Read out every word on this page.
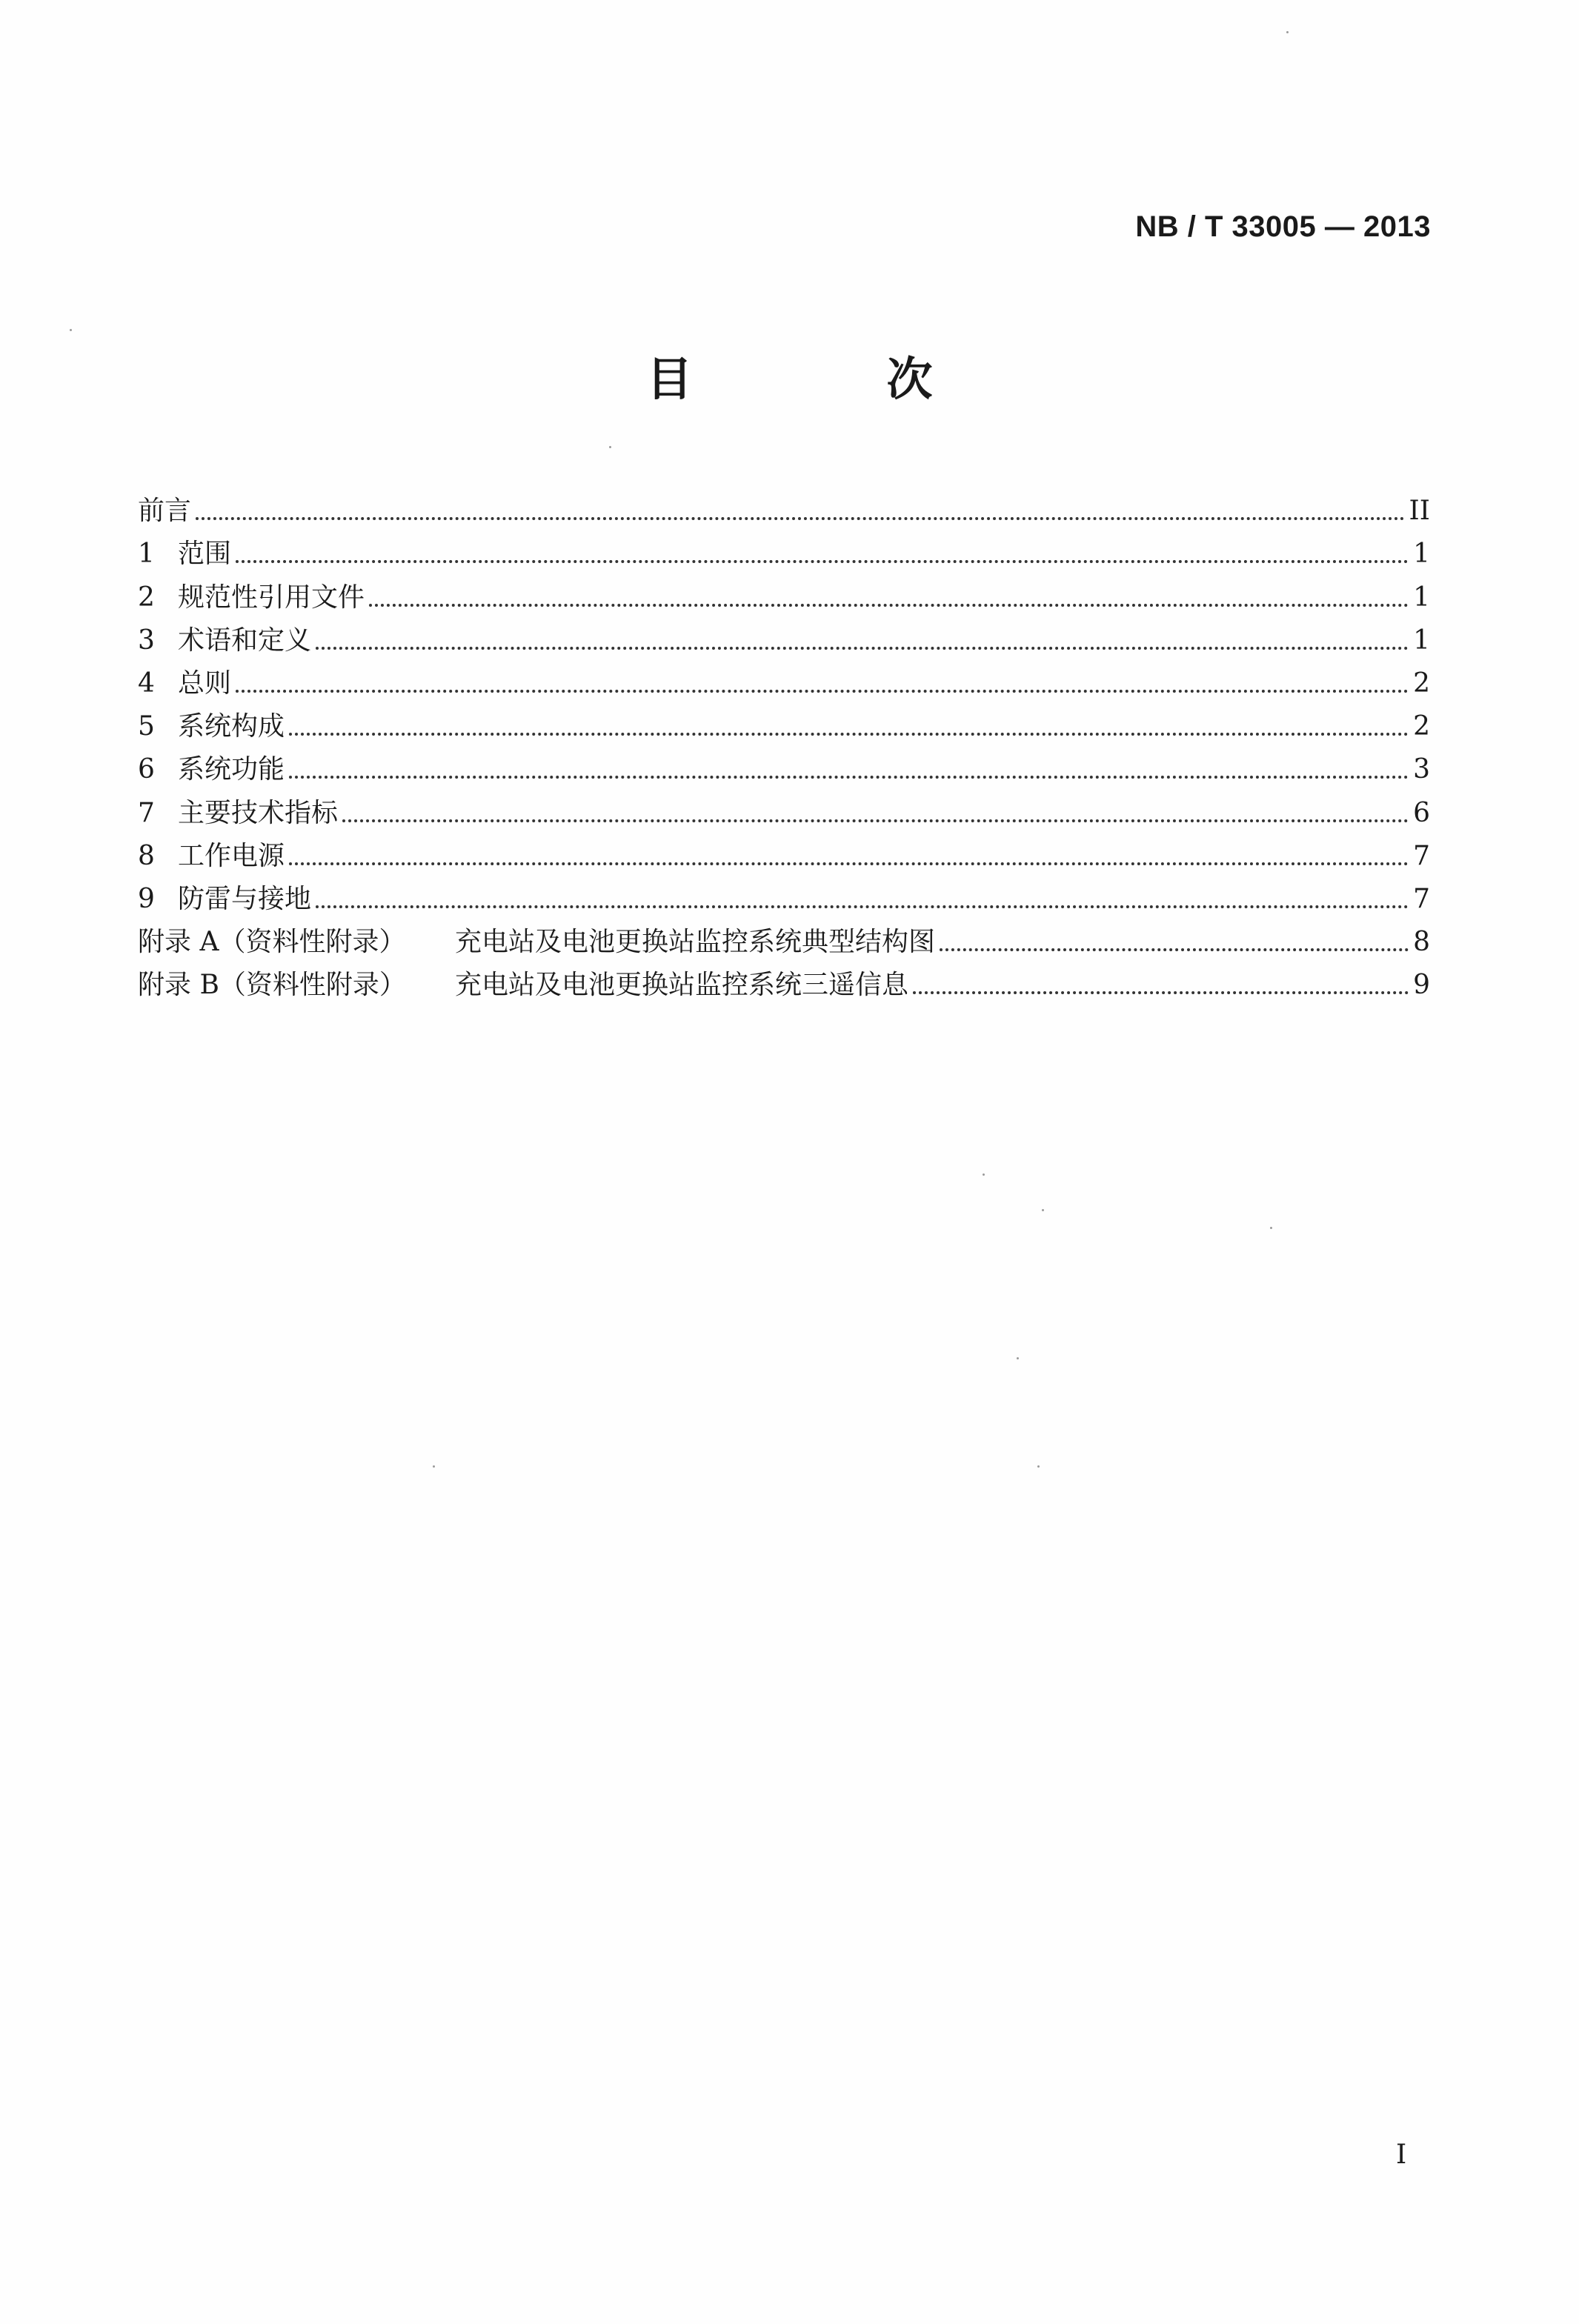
NB / T 33005 — 2013
目　次
前言	II
1 范围	1
2 规范性引用文件	1
3 术语和定义	1
4 总则	2
5 系统构成	2
6 系统功能	3
7 主要技术指标	6
8 工作电源	7
9 防雷与接地	7
附录 A（资料性附录）	充电站及电池更换站监控系统典型结构图	8
附录 B（资料性附录）	充电站及电池更换站监控系统三遥信息	9
I
